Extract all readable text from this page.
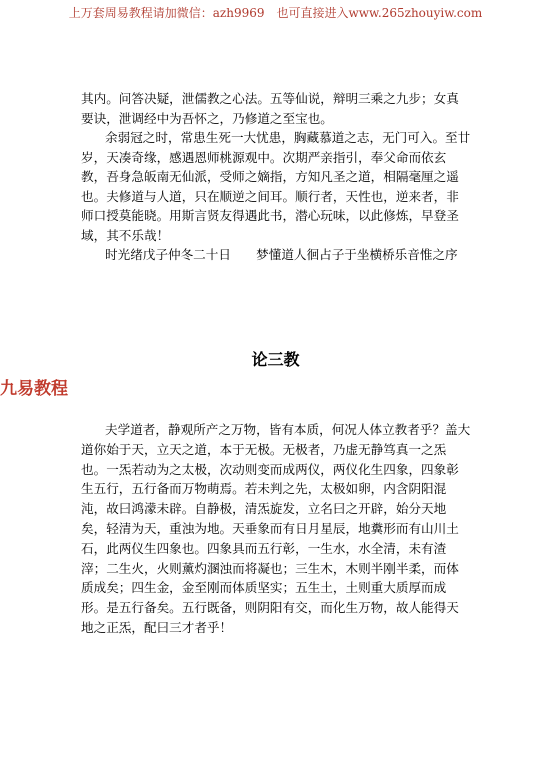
上万套周易教程请加微信：azh9969　也可直接进入www.265zhouyiw.com

其内。问答决疑，泄儒教之心法。五等仙说，辩明三乘之九步；女真要诀，泄调经中为吾怀之，乃修道之至宝也。

余弱冠之时，常患生死一大忧患，胸藏慕道之志，无门可入。至廿岁，天凑奇缘，感遇恩师桃源观中。次期严亲指引，奉父命而依玄教，吾身急皈南无仙派，受师之嫡指，方知凡圣之道，相隔毫厘之遥也。夫修道与人道，只在顺逆之间耳。顺行者，天性也，逆来者，非师口授莫能晓。用斯言贤友得遇此书，潜心玩味，以此修炼，早登圣域，其不乐哉！

时光绪戊子仲冬二十日　　梦懂道人徊占子于坐横桥乐音惟之序

论三教
九易教程

夫学道者，静观所产之万物，皆有本质，何况人体立教者乎？盖大道你始于天，立天之道，本于无极。无极者，乃虚无静笃真一之炁也。一炁若动为之太极，次动则变而成两仪，两仪化生四象，四象彰生五行，五行备而万物萌焉。若未判之先，太极如卵，内含阴阳混沌，故曰鸿濛未辟。自静极，清炁旋发，立名曰之开辟，始分天地矣，轻清为天，重浊为地。天垂象而有日月星辰，地糞形而有山川土石，此两仪生四象也。四象具而五行彰，一生水，水全清，未有渣滓；二生火，火则薰灼溷浊而将凝也；三生木，木则半刚半柔，而体质成矣；四生金，金至刚而体质坚实；五生土，土则重大质厚而成形。是五行备矣。五行既备，则阴阳有交，而化生万物，故人能得天地之正炁，配曰三才者乎！
